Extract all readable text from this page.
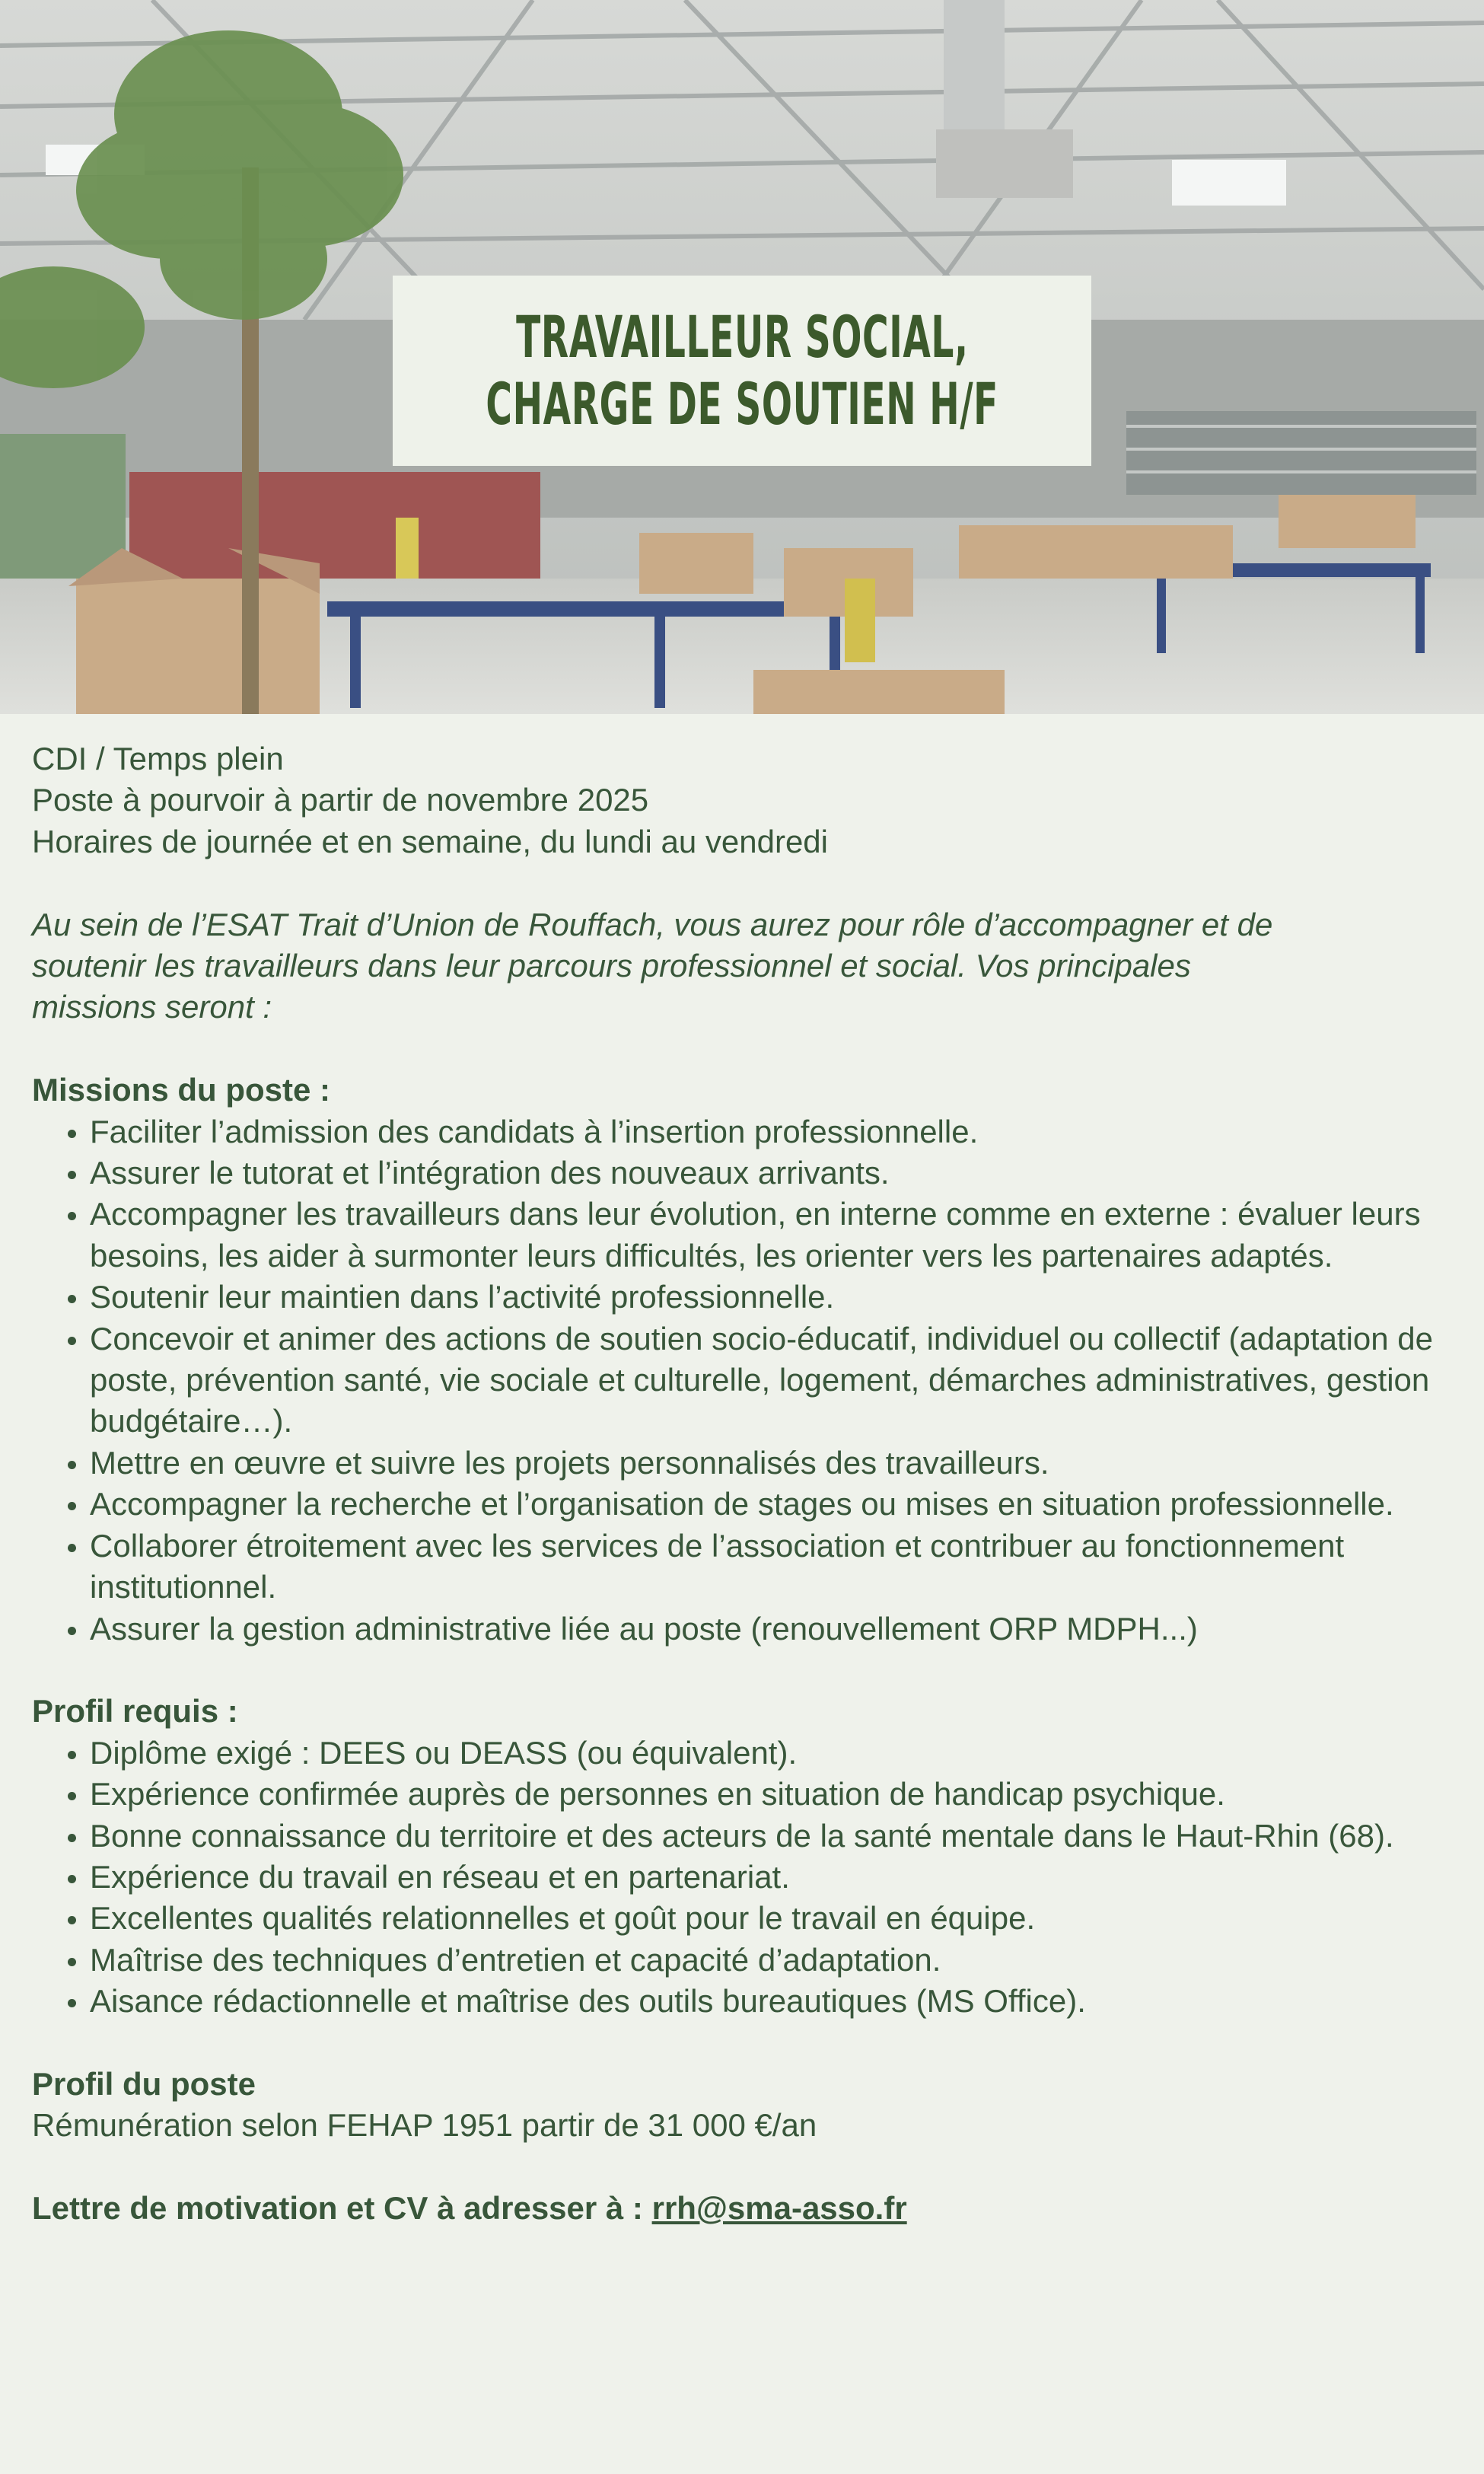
TRAVAILLEUR SOCIAL,
CHARGE DE SOUTIEN H/F
CDI / Temps plein
Poste à pourvoir à partir de novembre 2025
Horaires de journée et en semaine, du lundi au vendredi
Au sein de l’ESAT Trait d’Union de Rouffach, vous aurez pour rôle d’accompagner et de
soutenir les travailleurs dans leur parcours professionnel et social. Vos principales
missions seront :
Missions du poste :
• Faciliter l’admission des candidats à l’insertion professionnelle.
• Assurer le tutorat et l’intégration des nouveaux arrivants.
• Accompagner les travailleurs dans leur évolution, en interne comme en externe : évaluer leurs besoins, les aider à surmonter leurs difficultés, les orienter vers les partenaires adaptés.
• Soutenir leur maintien dans l’activité professionnelle.
• Concevoir et animer des actions de soutien socio-éducatif, individuel ou collectif (adaptation de poste, prévention santé, vie sociale et culturelle, logement, démarches administratives, gestion budgétaire…).
• Mettre en œuvre et suivre les projets personnalisés des travailleurs.
• Accompagner la recherche et l’organisation de stages ou mises en situation professionnelle.
• Collaborer étroitement avec les services de l’association et contribuer au fonctionnement institutionnel.
• Assurer la gestion administrative liée au poste (renouvellement ORP MDPH...)
Profil requis :
• Diplôme exigé : DEES ou DEASS (ou équivalent).
• Expérience confirmée auprès de personnes en situation de handicap psychique.
• Bonne connaissance du territoire et des acteurs de la santé mentale dans le Haut-Rhin (68).
• Expérience du travail en réseau et en partenariat.
• Excellentes qualités relationnelles et goût pour le travail en équipe.
• Maîtrise des techniques d’entretien et capacité d’adaptation.
• Aisance rédactionnelle et maîtrise des outils bureautiques (MS Office).
Profil du poste
Rémunération selon FEHAP 1951 partir de 31 000 €/an
Lettre de motivation et CV à adresser à : rrh@sma-asso.fr
